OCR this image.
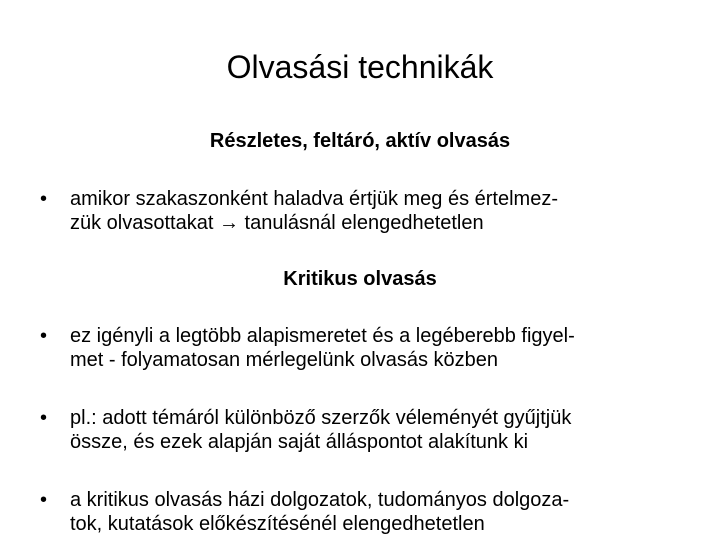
Olvasási technikák
Részletes, feltáró, aktív olvasás
• amikor szakaszonként haladva értjük meg és értelmez-
zük olvasottakat → tanulásnál elengedhetetlen
Kritikus olvasás
• ez igényli a legtöbb alapismeretet és a legéberebb figyel-
met - folyamatosan mérlegelünk olvasás közben
• pl.: adott témáról különböző szerzők véleményét gyűjtjük
össze, és ezek alapján saját álláspontot alakítunk ki
• a kritikus olvasás házi dolgozatok, tudományos dolgoza-
tok, kutatások előkészítésénél elengedhetetlen
